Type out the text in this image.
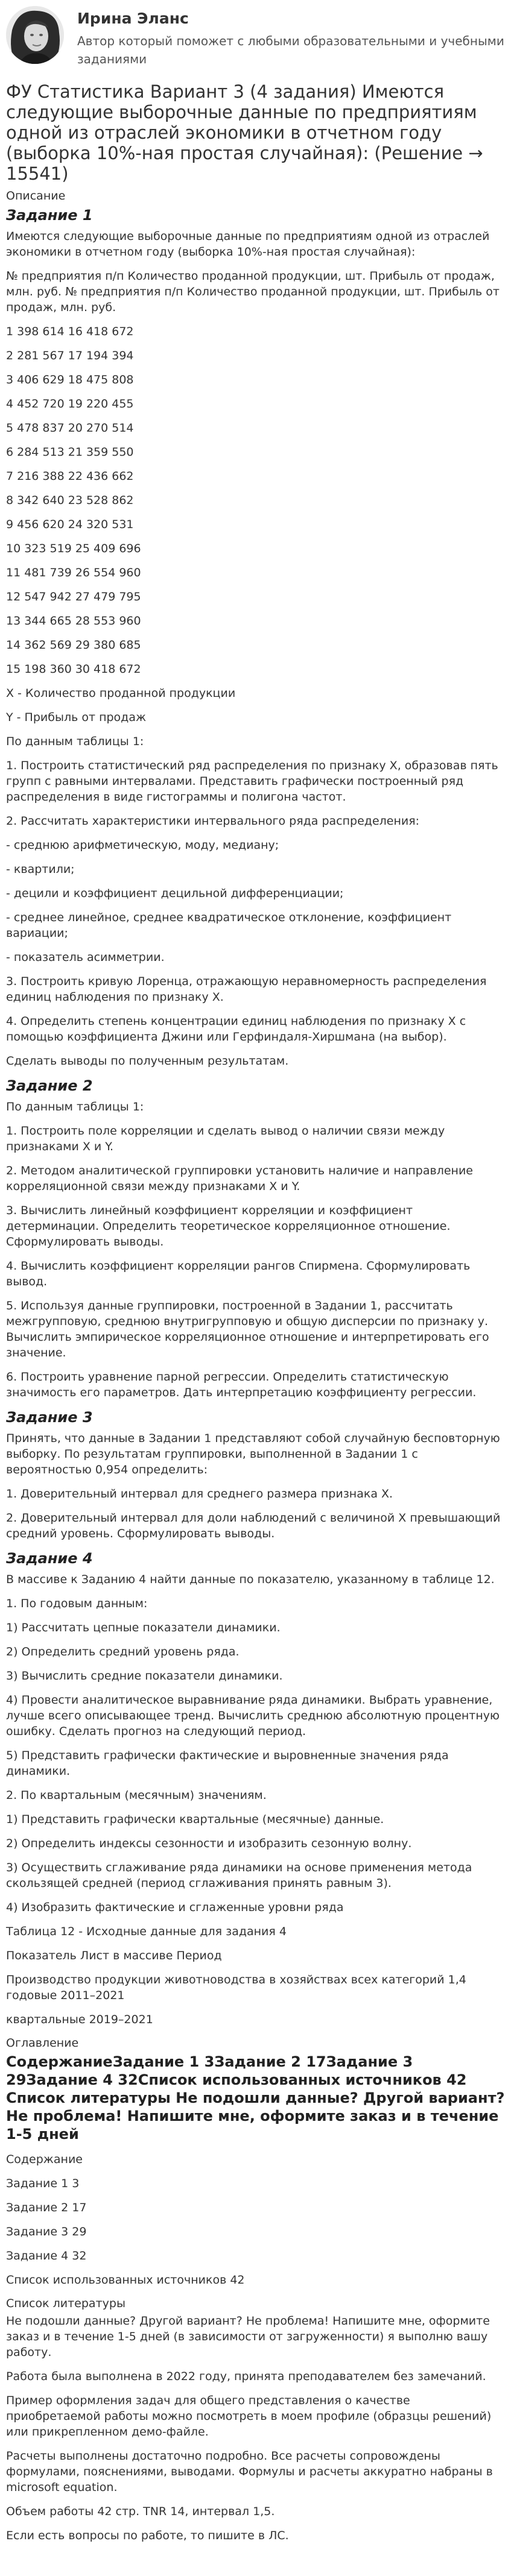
Ирина Эланс
Автор который поможет с любыми образовательными и учебными заданиями
ФУ Статистика Вариант 3 (4 задания) Имеются следующие выборочные данные по предприятиям одной из отраслей экономики в отчетном году (выборка 10%-ная простая случайная): (Решение → 15541)
Описание
Задание 1

Имеются следующие выборочные данные по предприятиям одной из отраслей экономики в отчетном году (выборка 10%-ная простая случайная):

№ предприятия п/п Количество проданной продукции, шт. Прибыль от продаж, млн. руб. № предприятия п/п Количество проданной продукции, шт. Прибыль от продаж, млн. руб.

1 398 614 16 418 672

2 281 567 17 194 394

3 406 629 18 475 808

4 452 720 19 220 455

5 478 837 20 270 514

6 284 513 21 359 550

7 216 388 22 436 662

8 342 640 23 528 862

9 456 620 24 320 531

10 323 519 25 409 696

11 481 739 26 554 960

12 547 942 27 479 795

13 344 665 28 553 960

14 362 569 29 380 685

15 198 360 30 418 672

X - Количество проданной продукции

Y - Прибыль от продаж

По данным таблицы 1:

1. Построить статистический ряд распределения по признаку X, образовав пять групп с равными интервалами. Представить графически построенный ряд распределения в виде гистограммы и полигона частот.

2. Рассчитать характеристики интервального ряда распределения:

- среднюю арифметическую, моду, медиану;

- квартили;

- децили и коэффициент децильной дифференциации;

- среднее линейное, среднее квадратическое отклонение, коэффициент вариации;

- показатель асимметрии.

3. Построить кривую Лоренца, отражающую неравномерность распределения единиц наблюдения по признаку X.

4. Определить степень концентрации единиц наблюдения по признаку X с помощью коэффициента Джини или Герфиндаля-Хиршмана (на выбор).

Сделать выводы по полученным результатам.

Задание 2

По данным таблицы 1:

1. Построить поле корреляции и сделать вывод о наличии связи между признаками X и Y.

2. Методом аналитической группировки установить наличие и направление корреляционной связи между признаками X и Y.

3. Вычислить линейный коэффициент корреляции и коэффициент детерминации. Определить теоретическое корреляционное отношение. Сформулировать выводы.

4. Вычислить коэффициент корреляции рангов Спирмена. Сформулировать вывод.

5. Используя данные группировки, построенной в Задании 1, рассчитать межгрупповую, среднюю внутригрупповую и общую дисперсии по признаку у. Вычислить эмпирическое корреляционное отношение и интерпретировать его значение.

6. Построить уравнение парной регрессии. Определить статистическую значимость его параметров. Дать интерпретацию коэффициенту регрессии.

Задание 3

Принять, что данные в Задании 1 представляют собой случайную бесповторную выборку. По результатам группировки, выполненной в Задании 1 с вероятностью 0,954 определить:

1. Доверительный интервал для среднего размера признака X.

2. Доверительный интервал для доли наблюдений с величиной X превышающий средний уровень. Сформулировать выводы.

Задание 4

В массиве к Заданию 4 найти данные по показателю, указанному в таблице 12.

1. По годовым данным:

1) Рассчитать цепные показатели динамики.

2) Определить средний уровень ряда.

3) Вычислить средние показатели динамики.

4) Провести аналитическое выравнивание ряда динамики. Выбрать уравнение, лучше всего описывающее тренд. Вычислить среднюю абсолютную процентную ошибку. Сделать прогноз на следующий период.

5) Представить графически фактические и выровненные значения ряда динамики.

2. По квартальным (месячным) значениям.

1) Представить графически квартальные (месячные) данные.

2) Определить индексы сезонности и изобразить сезонную волну.

3) Осуществить сглаживание ряда динамики на основе применения метода скользящей средней (период сглаживания принять равным 3).

4) Изобразить фактические и сглаженные уровни ряда

Таблица 12 - Исходные данные для задания 4

Показатель Лист в массиве Период

Производство продукции животноводства в хозяйствах всех категорий 1,4 годовые 2011–2021

квартальные 2019–2021

Оглавление
СодержаниеЗадание 1 3Задание 2 17Задание 3 29Задание 4 32Список использованных источников 42 Список литературы Не подошли данные? Другой вариант? Не проблема! Напишите мне, оформите заказ и в течение 1-5 дней

Содержание

Задание 1 3

Задание 2 17

Задание 3 29

Задание 4 32

Список использованных источников 42

Список литературы

Не подошли данные? Другой вариант? Не проблема! Напишите мне, оформите заказ и в течение 1-5 дней (в зависимости от загруженности) я выполню вашу работу.

Работа была выполнена в 2022 году, принята преподавателем без замечаний.

Пример оформления задач для общего представления о качестве приобретаемой работы можно посмотреть в моем профиле (образцы решений) или прикрепленном демо-файле.

Расчеты выполнены достаточно подробно. Все расчеты сопровождены формулами, пояснениями, выводами. Формулы и расчеты аккуратно набраны в microsoft equation.

Объем работы 42 стр. TNR 14, интервал 1,5.

Если есть вопросы по работе, то пишите в ЛС.
